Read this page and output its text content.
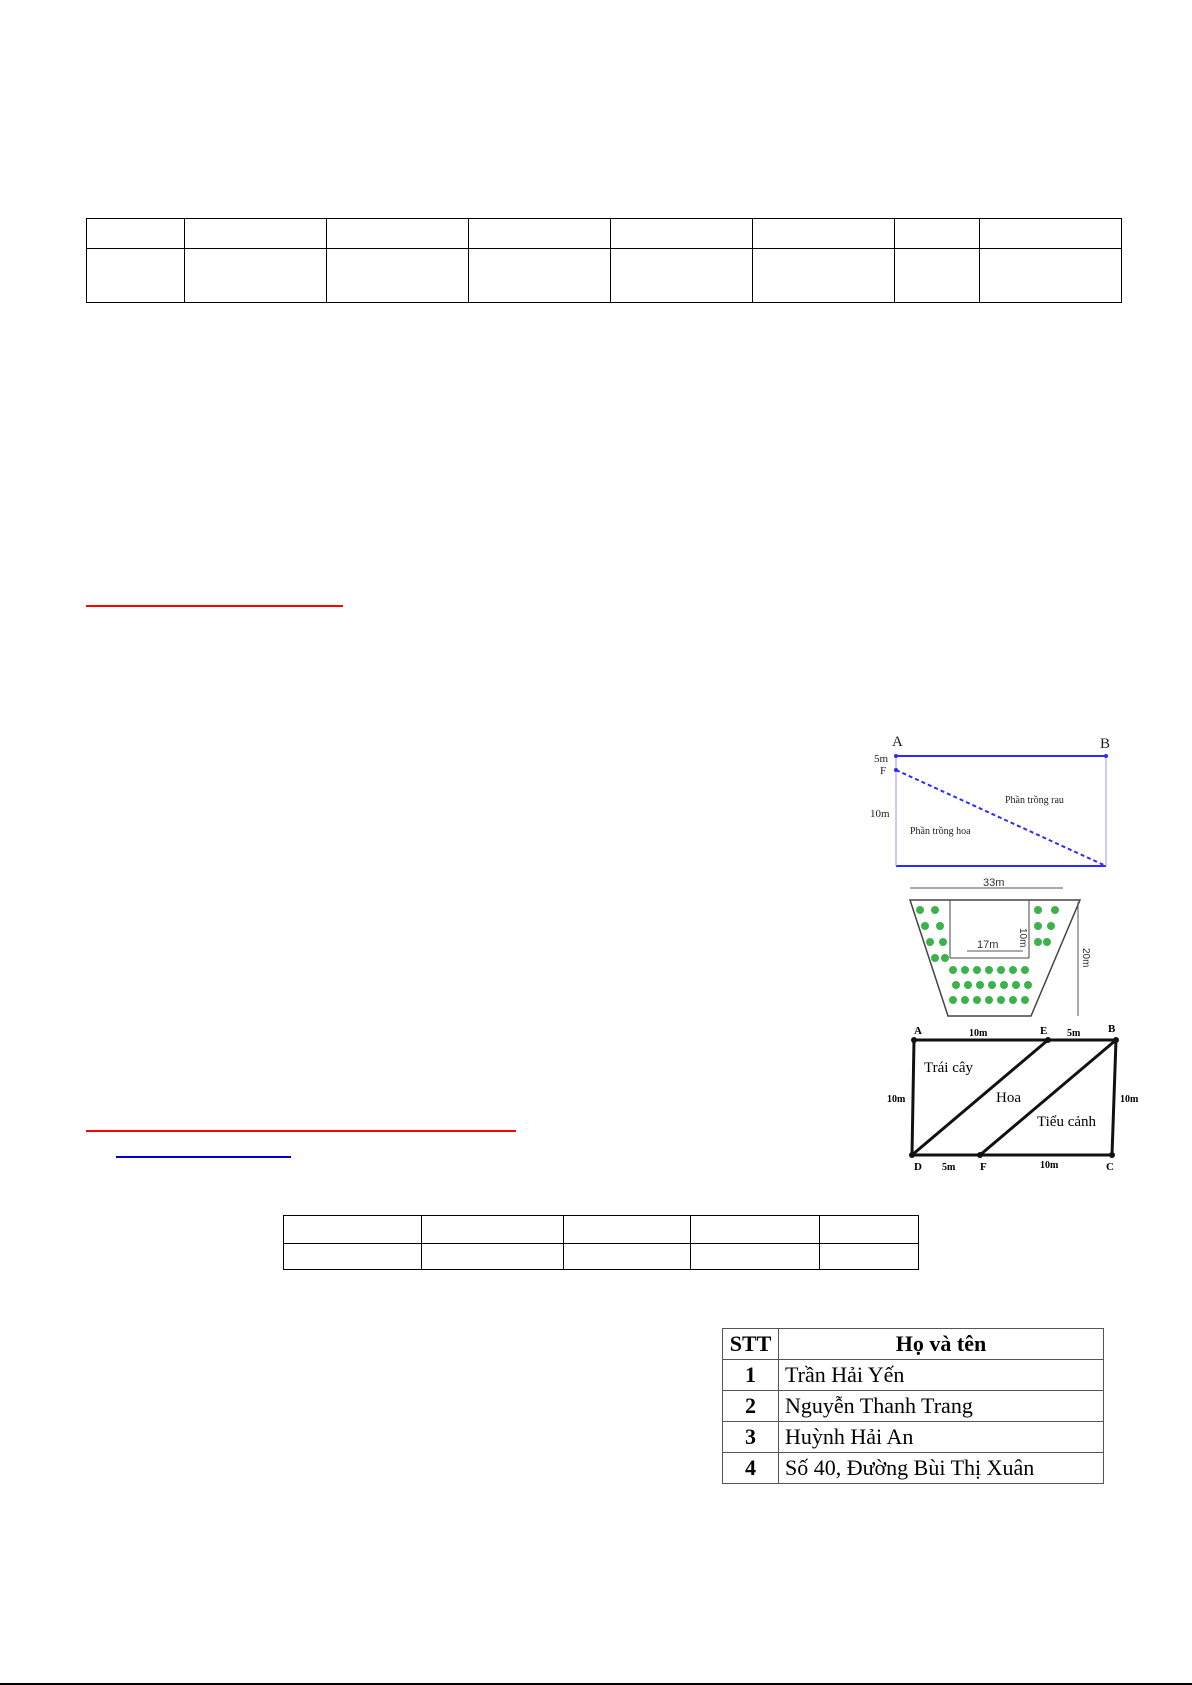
A	B
5m
F
10m
Phần trồng rau
Phần trồng hoa
33m
17m 10m
20m
A	E	B
D	F	C
10m	5m
5m	10m
10m	10m
Trái cây
Hoa
Tiểu cảnh

STT	Họ và tên
1	Trần Hải Yến
2	Nguyễn Thanh Trang
3	Huỳnh Hải An
4	Số 40, Đường Bùi Thị Xuân
